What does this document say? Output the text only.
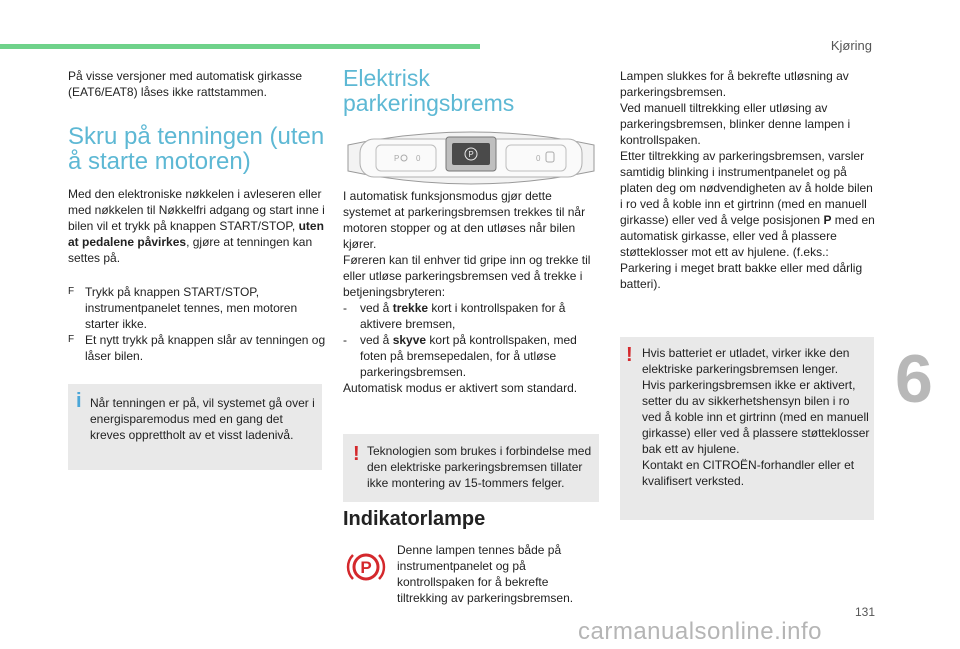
Kjøring
6
131
carmanualsonline.info

På visse versjoner med automatisk girkasse (EAT6/EAT8) låses ikke rattstammen.

Skru på tenningen (uten å starte motoren)

Med den elektroniske nøkkelen i avleseren eller med nøkkelen til Nøkkelfri adgang og start inne i bilen vil et trykk på knappen START/STOP, uten at pedalene påvirkes, gjøre at tenningen kan settes på.

F Trykk på knappen START/STOP, instrumentpanelet tennes, men motoren starter ikke.
F Et nytt trykk på knappen slår av tenningen og låser bilen.
i Når tenningen er på, vil systemet gå over i energisparemodus med en gang det kreves opprettholt av et visst ladenivå.

Elektrisk parkeringsbrems
P
P 0	0

I automatisk funksjonsmodus gjør dette systemet at parkeringsbremsen trekkes til når motoren stopper og at den utløses når bilen kjører.

Føreren kan til enhver tid gripe inn og trekke til eller utløse parkeringsbremsen ved å trekke i betjeningsbryteren:

-	ved å trekke kort i kontrollspaken for å aktivere bremsen,
-	ved å skyve kort på kontrollspaken, med foten på bremsepedalen, for å utløse parkeringsbremsen.

Automatisk modus er aktivert som standard.

! Teknologien som brukes i forbindelse med den elektriske parkeringsbremsen tillater ikke montering av 15-tommers felger.

Indikatorlampe
P

Denne lampen tennes både på instrumentpanelet og på kontrollspaken for å bekrefte tiltrekking av parkeringsbremsen.

Lampen slukkes for å bekrefte utløsning av parkeringsbremsen.

Ved manuell tiltrekking eller utløsing av parkeringsbremsen, blinker denne lampen i kontrollspaken.

Etter tiltrekking av parkeringsbremsen, varsler samtidig blinking i instrumentpanelet og på platen deg om nødvendigheten av å holde bilen i ro ved å koble inn et girtrinn (med en manuell girkasse) eller ved å velge posisjonen P med en automatisk girkasse, eller ved å plassere støtteklosser mot ett av hjulene. (f.eks.: Parkering i meget bratt bakke eller med dårlig batteri).

! Hvis batteriet er utladet, virker ikke den elektriske parkeringsbremsen lenger.

Hvis parkeringsbremsen ikke er aktivert, setter du av sikkerhetshensyn bilen i ro ved å koble inn et girtrinn (med en manuell girkasse) eller ved å plassere støtteklosser bak ett av hjulene.

Kontakt en CITROËN-forhandler eller et kvalifisert verksted.
